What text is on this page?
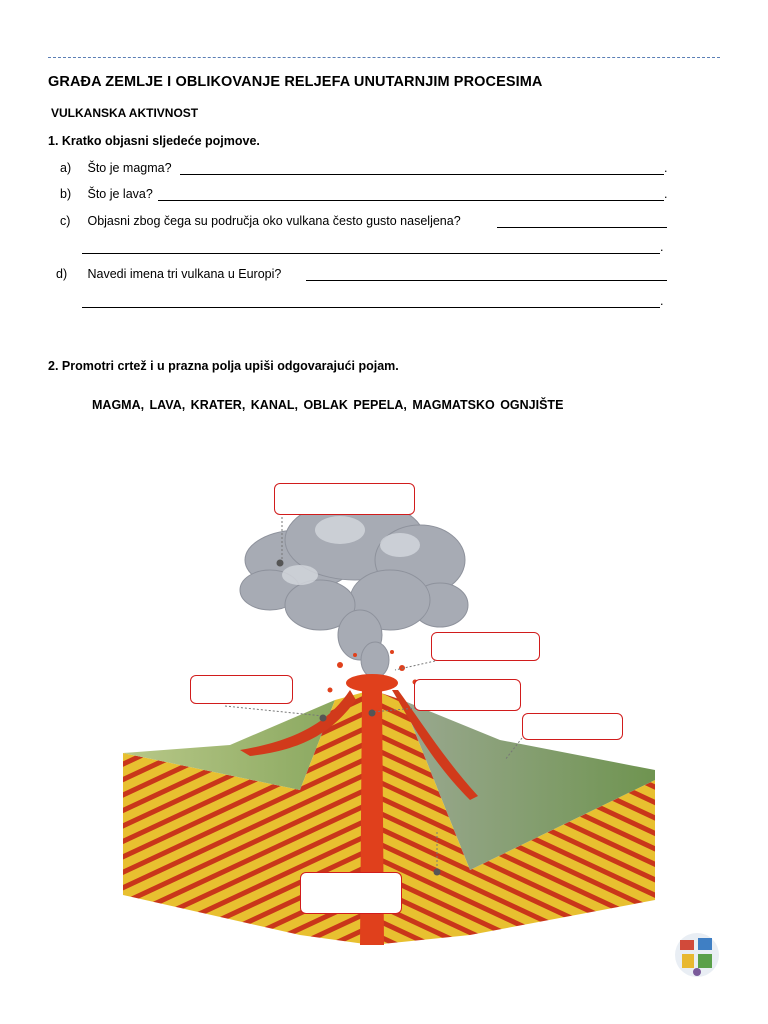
GRAĐA ZEMLJE I OBLIKOVANJE RELJEFA UNUTARNJIM PROCESIMA
VULKANSKA AKTIVNOST
1. Kratko objasni sljedeće pojmove.
a) Što je magma?	.
b) Što je lava?	.
c) Objasni zbog čega su područja oko vulkana često gusto naseljena?
.
d) Navedi imena tri vulkana u Europi?
.
2. Promotri crtež i u prazna polja upiši odgovarajući pojam.
MAGMA, LAVA, KRATER, KANAL, OBLAK PEPELA, MAGMATSKO OGNJIŠTE
